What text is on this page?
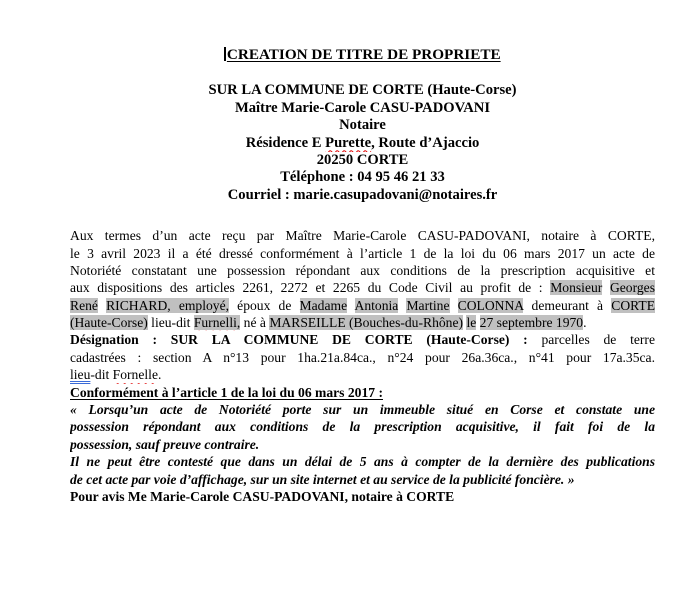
CREATION DE TITRE DE PROPRIETE
SUR LA COMMUNE DE CORTE (Haute-Corse)
Maître Marie-Carole CASU-PADOVANI
Notaire
Résidence E Purette, Route d’Ajaccio
20250 CORTE
Téléphone : 04 95 46 21 33
Courriel : marie.casupadovani@notaires.fr
Aux termes d’un acte reçu par Maître Marie-Carole CASU-PADOVANI, notaire à CORTE,
le 3 avril 2023 il a été dressé conformément à l’article 1 de la loi du 06 mars 2017 un acte de
Notoriété constatant une possession répondant aux conditions de la prescription acquisitive et
aux dispositions des articles 2261, 2272 et 2265 du Code Civil au profit de : Monsieur Georges
René RICHARD, employé, époux de Madame Antonia Martine COLONNA demeurant à CORTE
(Haute-Corse) lieu-dit Furnelli, né à MARSEILLE (Bouches-du-Rhône) le 27 septembre 1970.
Désignation : SUR LA COMMUNE DE CORTE (Haute-Corse) : parcelles de terre
cadastrées : section A n°13 pour 1ha.21a.84ca., n°24 pour 26a.36ca., n°41 pour 17a.35ca.
lieu-dit Fornelle.
Conformément à l’article 1 de la loi du 06 mars 2017 :
« Lorsqu’un acte de Notoriété porte sur un immeuble situé en Corse et constate une
possession répondant aux conditions de la prescription acquisitive, il fait foi de la
possession, sauf preuve contraire.
Il ne peut être contesté que dans un délai de 5 ans à compter de la dernière des publications
de cet acte par voie d’affichage, sur un site internet et au service de la publicité foncière. »
Pour avis Me Marie-Carole CASU-PADOVANI, notaire à CORTE
